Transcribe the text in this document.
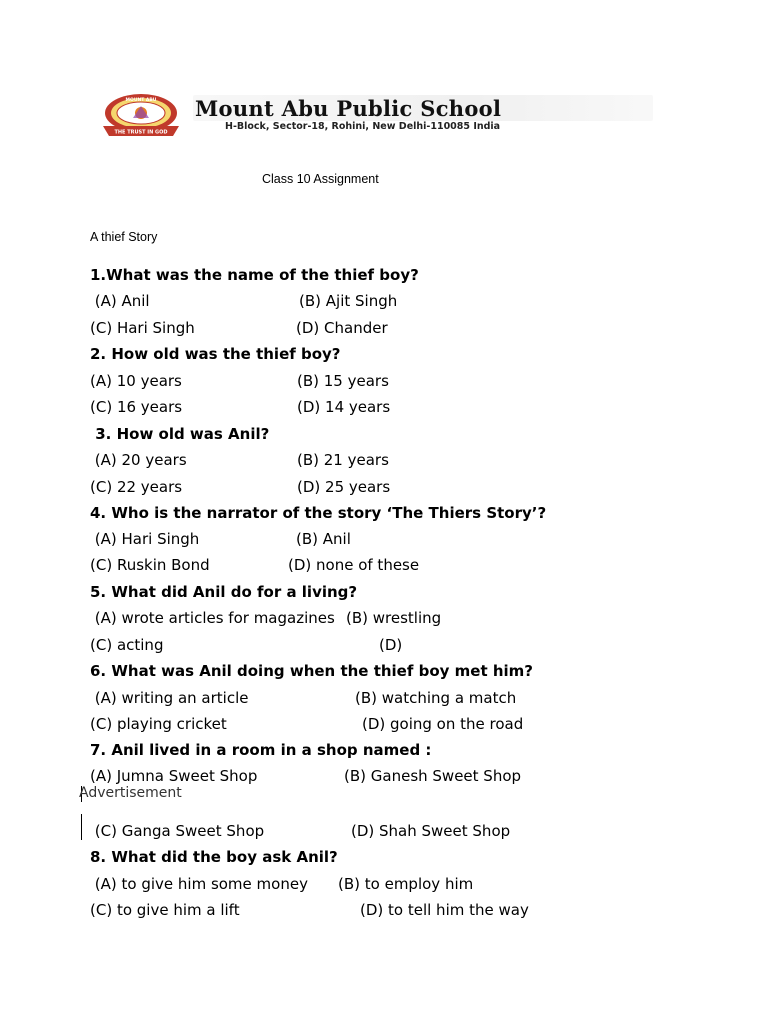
THE TRUST IN GOD
MOUNT ABU Mount Abu Public School
H-Block, Sector-18, Rohini, New Delhi-110085 India
Class 10 Assignment
A thief Story
1.What was the name of the thief boy?
(A) Anil	(B) Ajit Singh
(C) Hari Singh	(D) Chander
2. How old was the thief boy?
(A) 10 years	(B) 15 years
(C) 16 years	(D) 14 years
3. How old was Anil?
(A) 20 years	(B) 21 years
(C) 22 years	(D) 25 years
4. Who is the narrator of the story ‘The Thiers Story’?
(A) Hari Singh	(B) Anil
(C) Ruskin Bond	(D) none of these
5. What did Anil do for a living?
(A) wrote articles for magazines (B) wrestling
(C) acting	(D)
6. What was Anil doing when the thief boy met him?
(A) writing an article	(B) watching a match
(C) playing cricket	(D) going on the road
7. Anil lived in a room in a shop named :
(A) Jumna Sweet Shop	(B) Ganesh Sweet Shop
Advertisement
(C) Ganga Sweet Shop	(D) Shah Sweet Shop
8. What did the boy ask Anil?
(A) to give him some money (B) to employ him
(C) to give him a lift	(D) to tell him the way
